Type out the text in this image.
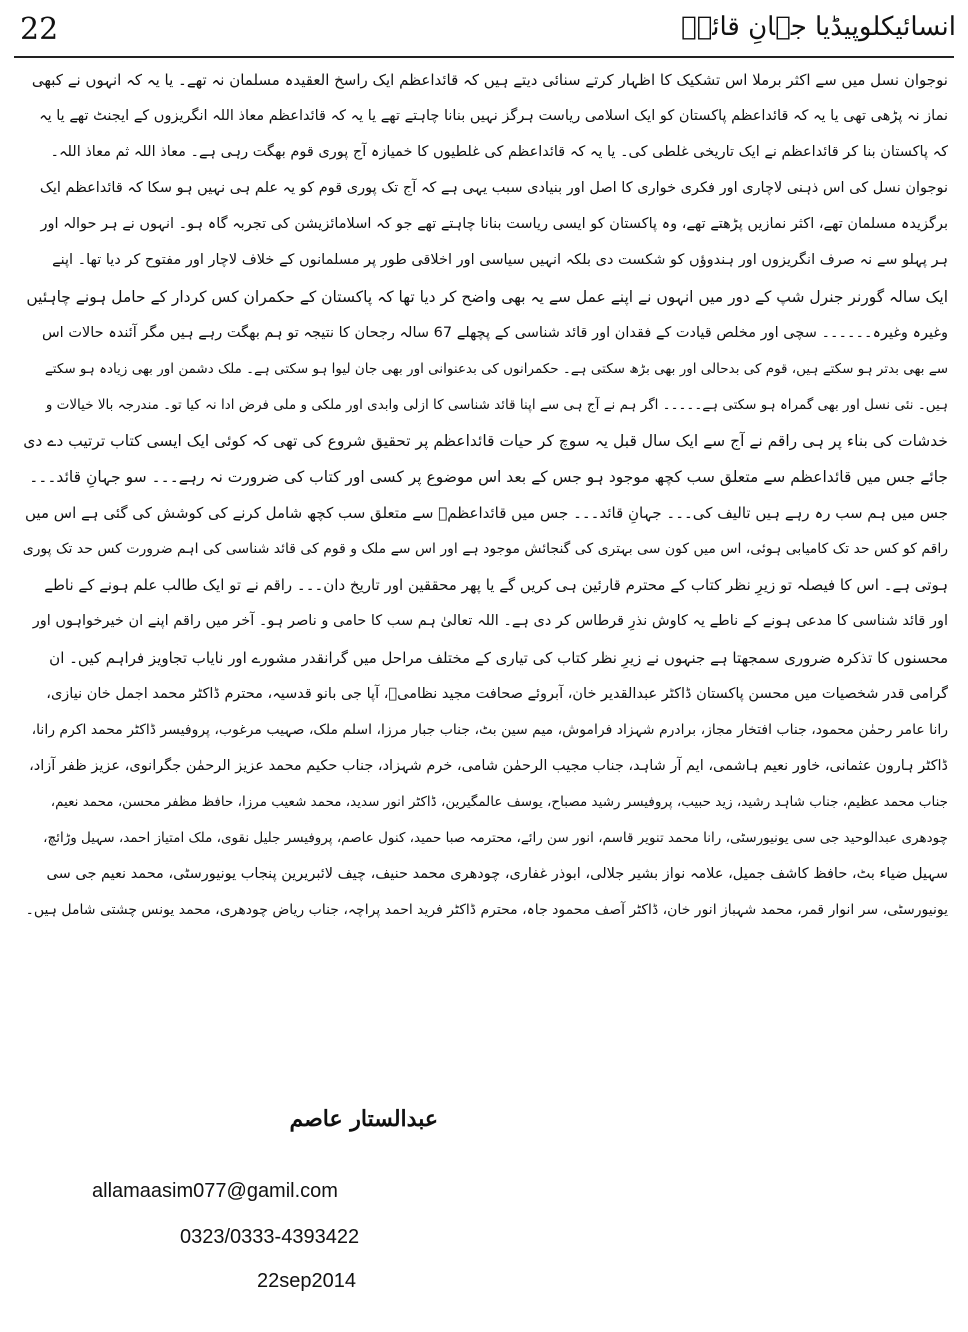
22	انسائیکلوپیڈیا جہانِ قائدؒ
نوجوان نسل میں سے اکثر برملا اس تشکیک کا اظہار کرتے سنائی دیتے ہیں کہ قائداعظم ایک راسخ العقیدہ مسلمان نہ تھے۔ یا یہ کہ انہوں نے کبھی
نماز نہ پڑھی تھی یا یہ کہ قائداعظم پاکستان کو ایک اسلامی ریاست ہرگز نہیں بنانا چاہتے تھے یا یہ کہ قائداعظم معاذ اللہ انگریزوں کے ایجنٹ تھے یا یہ
کہ پاکستان بنا کر قائداعظم نے ایک تاریخی غلطی کی۔ یا یہ کہ قائداعظم کی غلطیوں کا خمیازہ آج پوری قوم بھگت رہی ہے۔ معاذ اللہ ثم معاذ اللہ۔
نوجوان نسل کی اس ذہنی لاچاری اور فکری خواری کا اصل اور بنیادی سبب یہی ہے کہ آج تک پوری قوم کو یہ علم ہی نہیں ہو سکا کہ قائداعظم ایک
برگزیدہ مسلمان تھے، اکثر نمازیں پڑھتے تھے، وہ پاکستان کو ایسی ریاست بنانا چاہتے تھے جو کہ اسلامائزیشن کی تجربہ گاہ ہو۔ انہوں نے ہر حوالہ اور
ہر پہلو سے نہ صرف انگریزوں اور ہندوؤں کو شکست دی بلکہ انہیں سیاسی اور اخلاقی طور پر مسلمانوں کے خلاف لاچار اور مفتوح کر دیا تھا۔ اپنے
ایک سالہ گورنر جنرل شپ کے دور میں انہوں نے اپنے عمل سے یہ بھی واضح کر دیا تھا کہ پاکستان کے حکمران کس کردار کے حامل ہونے چاہئیں
وغیرہ وغیرہ۔۔۔۔۔۔ سچی اور مخلص قیادت کے فقدان اور قائد شناسی کے پچھلے 67 سالہ رجحان کا نتیجہ تو ہم بھگت رہے ہیں مگر آئندہ حالات اس
سے بھی بدتر ہو سکتے ہیں، قوم کی بدحالی اور بھی بڑھ سکتی ہے۔ حکمرانوں کی بدعنوانی اور بھی جان لیوا ہو سکتی ہے۔ ملک دشمن اور بھی زیادہ ہو سکتے
ہیں۔ نئی نسل اور بھی گمراہ ہو سکتی ہے۔۔۔۔۔ اگر ہم نے آج ہی سے اپنا قائد شناسی کا ازلی وابدی اور ملکی و ملی فرض ادا نہ کیا تو۔ مندرجہ بالا خیالات و
خدشات کی بناء پر ہی راقم نے آج سے ایک سال قبل یہ سوچ کر حیات قائداعظم پر تحقیق شروع کی تھی کہ کوئی ایک ایسی کتاب ترتیب دے دی
جائے جس میں قائداعظم سے متعلق سب کچھ موجود ہو جس کے بعد اس موضوع پر کسی اور کتاب کی ضرورت نہ رہے۔۔۔ سو جہانِ قائد۔۔۔
جس میں ہم سب رہ رہے ہیں تالیف کی۔۔۔ جہانِ قائد۔۔۔ جس میں قائداعظمؒ سے متعلق سب کچھ شامل کرنے کی کوشش کی گئی ہے اس میں
راقم کو کس حد تک کامیابی ہوئی، اس میں کون سی بہتری کی گنجائش موجود ہے اور اس سے ملک و قوم کی قائد شناسی کی اہم ضرورت کس حد تک پوری
ہوتی ہے۔ اس کا فیصلہ تو زیرِ نظر کتاب کے محترم قارئین ہی کریں گے یا پھر محققین اور تاریخ دان۔۔۔ راقم نے تو ایک طالب علم ہونے کے ناطے
اور قائد شناسی کا مدعی ہونے کے ناطے یہ کاوش نذرِ قرطاس کر دی ہے۔ اللہ تعالیٰ ہم سب کا حامی و ناصر ہو۔ آخر میں راقم اپنے ان خیرخواہوں اور
محسنوں کا تذکرہ ضروری سمجھتا ہے جنہوں نے زیرِ نظر کتاب کی تیاری کے مختلف مراحل میں گرانقدر مشورے اور نایاب تجاویز فراہم کیں۔ ان
گرامی قدر شخصیات میں محسن پاکستان ڈاکٹر عبدالقدیر خان، آبروئے صحافت مجید نظامیؒ، آپا جی بانو قدسیہ، محترم ڈاکٹر محمد اجمل خان نیازی،
رانا عامر رحمٰن محمود، جناب افتخار مجاز، برادرم شہزاد فراموش، میم سین بٹ، جناب جبار مرزا، اسلم ملک، صہیب مرغوب، پروفیسر ڈاکٹر محمد اکرم رانا،
ڈاکٹر ہارون عثمانی، خاور نعیم ہاشمی، ایم آر شاہد، جناب مجیب الرحمٰن شامی، خرم شہزاد، جناب حکیم محمد عزیز الرحمٰن جگرانوی، عزیز ظفر آزاد،
جناب محمد عظیم، جناب شاہد رشید، زید حبیب، پروفیسر رشید مصباح، یوسف عالمگیرین، ڈاکٹر انور سدید، محمد شعیب مرزا، حافظ مظفر محسن، محمد نعیم،
چودھری عبدالوحید جی سی یونیورسٹی، رانا محمد تنویر قاسم، انور سن رائے، محترمہ صبا حمید، کنول عاصم، پروفیسر جلیل نقوی، ملک امتیاز احمد، سہیل وڑائچ،
سہیل ضیاء بٹ، حافظ کاشف جمیل، علامہ نواز بشیر جلالی، ابوذر غفاری، چودھری محمد حنیف، چیف لائبریرین پنجاب یونیورسٹی، محمد نعیم جی سی
یونیورسٹی، سر انوار قمر، محمد شہباز انور خان، ڈاکٹر آصف محمود جاہ، محترم ڈاکٹر فرید احمد پراچہ، جناب ریاض چودھری، محمد یونس چشتی شامل ہیں۔
عبدالستار عاصم
allamaasim077@gamil.com
0323/0333-4393422
22sep2014
